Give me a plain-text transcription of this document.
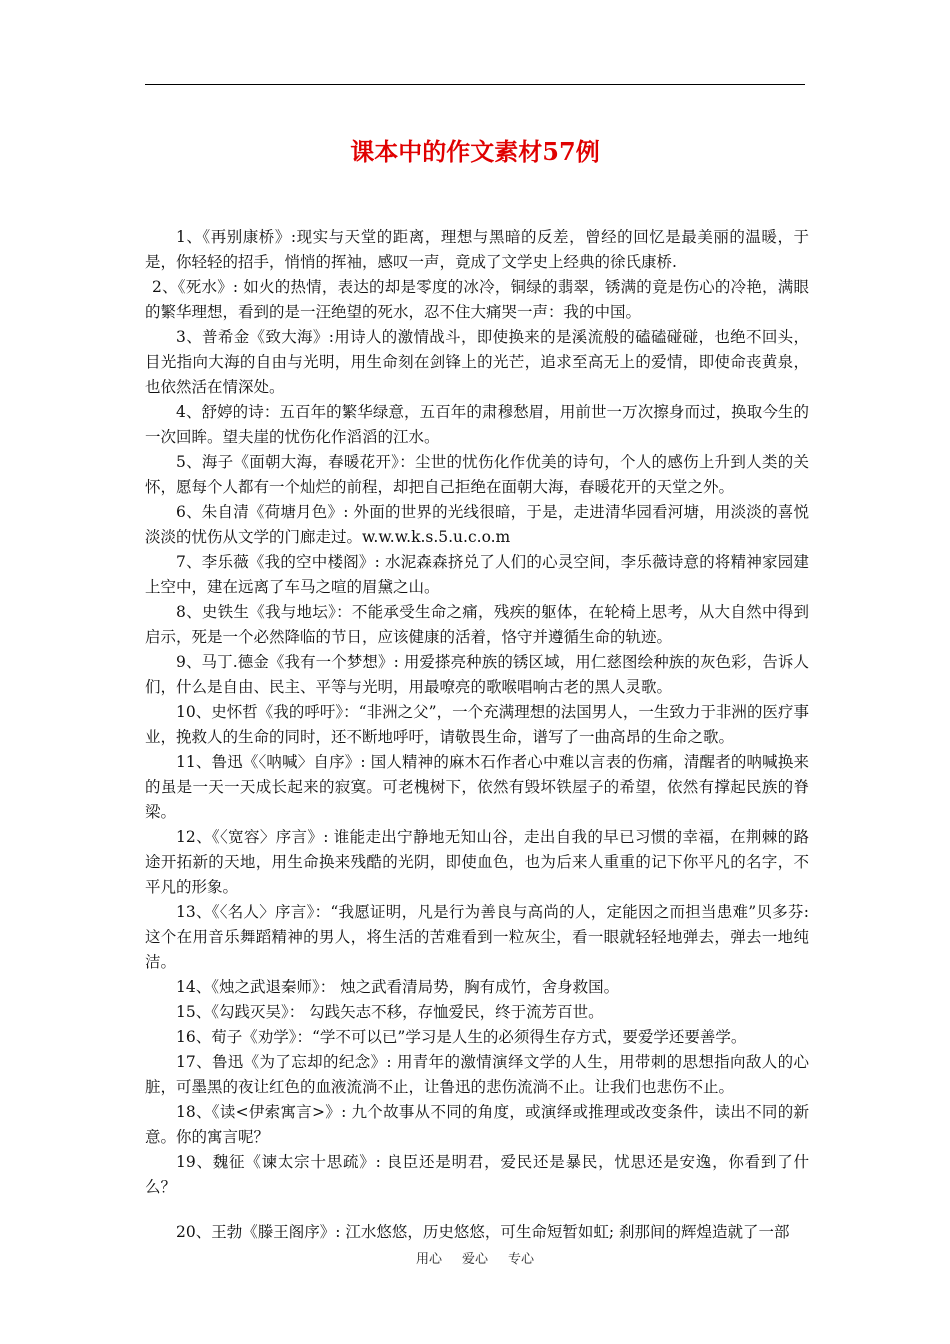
课本中的作文素材57例

1、《再别康桥》:现实与天堂的距离，理想与黑暗的反差，曾经的回忆是最美丽的温暖，于是，你轻轻的招手，悄悄的挥袖，感叹一声，竟成了文学史上经典的徐氏康桥.

2、《死水》: 如火的热情，表达的却是零度的冰冷，铜绿的翡翠，锈满的竟是伤心的冷艳，满眼的繁华理想，看到的是一汪绝望的死水，忍不住大痛哭一声：我的中国。

3、普希金《致大海》:用诗人的激情战斗，即使换来的是溪流般的磕磕碰碰，也绝不回头，目光指向大海的自由与光明，用生命刻在剑锋上的光芒，追求至高无上的爱情，即使命丧黄泉，也依然活在情深处。

4、舒婷的诗：五百年的繁华绿意，五百年的肃穆愁眉，用前世一万次擦身而过，换取今生的一次回眸。望夫崖的忧伤化作滔滔的江水。

5、海子《面朝大海，春暖花开》：尘世的忧伤化作优美的诗句，个人的感伤上升到人类的关怀，愿每个人都有一个灿烂的前程，却把自己拒绝在面朝大海，春暖花开的天堂之外。

6、朱自清《荷塘月色》: 外面的世界的光线很暗，于是，走进清华园看河塘，用淡淡的喜悦淡淡的忧伤从文学的门廊走过。w.w.w.k.s.5.u.c.o.m

7、李乐薇《我的空中楼阁》: 水泥森森挤兑了人们的心灵空间，李乐薇诗意的将精神家园建上空中，建在远离了车马之喧的眉黛之山。

8、史铁生《我与地坛》：不能承受生命之痛，残疾的躯体，在轮椅上思考，从大自然中得到启示，死是一个必然降临的节日，应该健康的活着，恪守并遵循生命的轨迹。

9、马丁.德金《我有一个梦想》: 用爱搽亮种族的锈区域，用仁慈图绘种族的灰色彩，告诉人们，什么是自由、民主、平等与光明，用最嘹亮的歌喉唱响古老的黑人灵歌。

10、史怀哲《我的呼吁》：“非洲之父”，一个充满理想的法国男人，一生致力于非洲的医疗事业，挽救人的生命的同时，还不断地呼吁，请敬畏生命，谱写了一曲高昂的生命之歌。

11、鲁迅《〈呐喊〉自序》: 国人精神的麻木石作者心中难以言表的伤痛，清醒者的呐喊换来的虽是一天一天成长起来的寂寞。可老槐树下，依然有毁坏铁屋子的希望，依然有撑起民族的脊梁。

12、《〈宽容〉序言》: 谁能走出宁静地无知山谷，走出自我的早已习惯的幸福，在荆棘的路途开拓新的天地，用生命换来残酷的光阴，即使血色，也为后来人重重的记下你平凡的名字，不平凡的形象。

13、《〈名人〉序言》：“我愿证明，凡是行为善良与高尚的人，定能因之而担当患难”贝多芬: 这个在用音乐舞蹈精神的男人，将生活的苦难看到一粒灰尘，看一眼就轻轻地弹去，弹去一地纯洁。

14、《烛之武退秦师》： 烛之武看清局势，胸有成竹，舍身救国。

15、《勾践灭吴》： 勾践矢志不移，存恤爱民，终于流芳百世。

16、荀子《劝学》：“学不可以已”学习是人生的必须得生存方式，要爱学还要善学。

17、鲁迅《为了忘却的纪念》: 用青年的激情演绎文学的人生，用带刺的思想指向敌人的心脏，可墨黑的夜让红色的血液流淌不止，让鲁迅的悲伤流淌不止。让我们也悲伤不止。

18、《读<伊索寓言>》: 九个故事从不同的角度，或演绎或推理或改变条件，读出不同的新意。你的寓言呢？

19、魏征《谏太宗十思疏》: 良臣还是明君，爱民还是暴民，忧思还是安逸，你看到了什么？

20、王勃《滕王阁序》: 江水悠悠，历史悠悠，可生命短暂如虹; 刹那间的辉煌造就了一部

用心 爱心 专心
